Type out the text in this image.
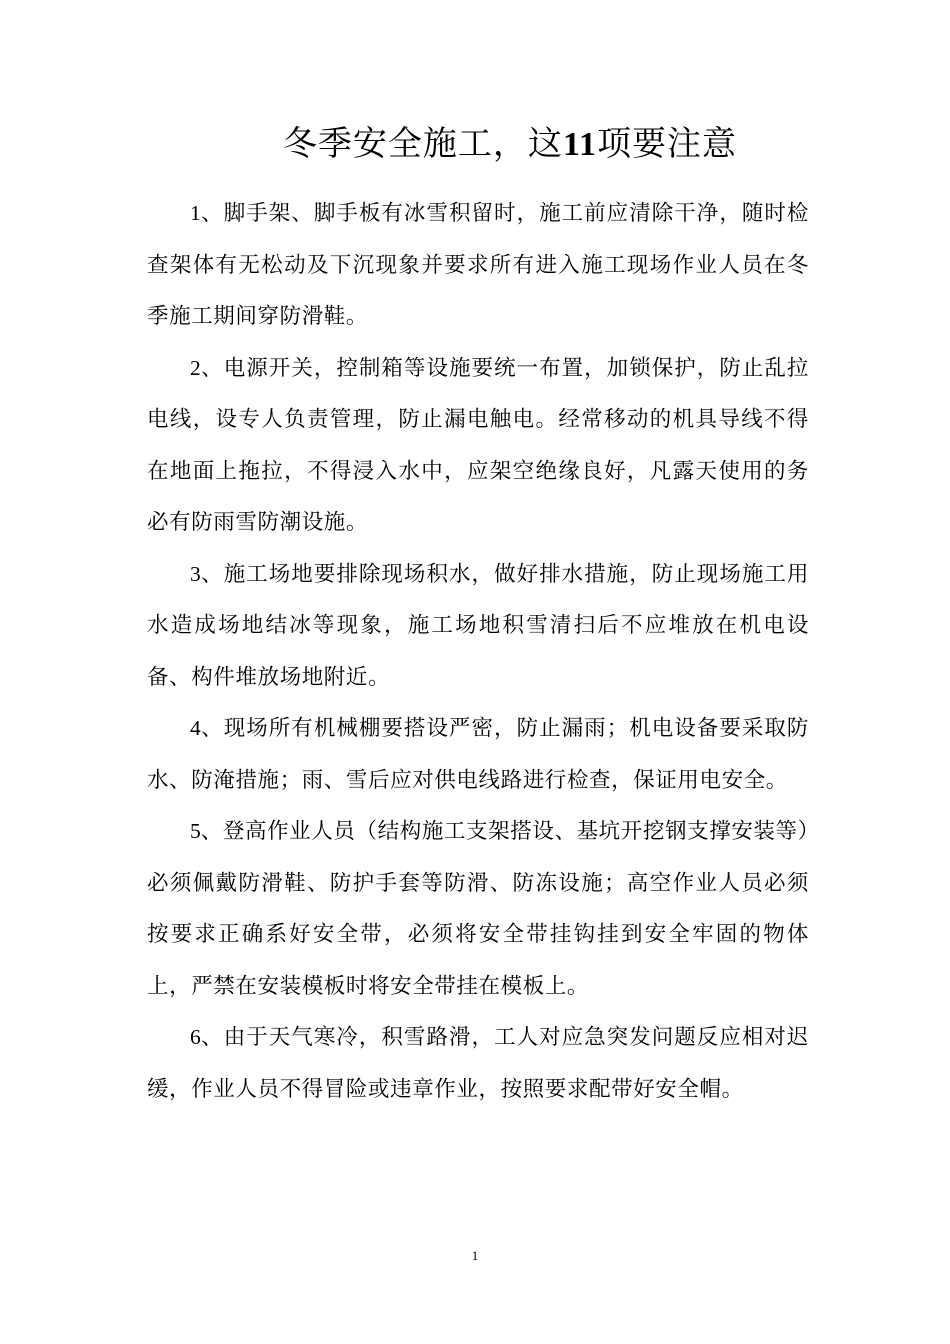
冬季安全施工，这11项要注意

1、脚手架、脚手板有冰雪积留时，施工前应清除干净，随时检查架体有无松动及下沉现象并要求所有进入施工现场作业人员在冬季施工期间穿防滑鞋。

2、电源开关，控制箱等设施要统一布置，加锁保护，防止乱拉电线，设专人负责管理，防止漏电触电。经常移动的机具导线不得在地面上拖拉，不得浸入水中，应架空绝缘良好，凡露天使用的务必有防雨雪防潮设施。

3、施工场地要排除现场积水，做好排水措施，防止现场施工用水造成场地结冰等现象，施工场地积雪清扫后不应堆放在机电设备、构件堆放场地附近。

4、现场所有机械棚要搭设严密，防止漏雨；机电设备要采取防水、防淹措施；雨、雪后应对供电线路进行检查，保证用电安全。

5、登高作业人员（结构施工支架搭设、基坑开挖钢支撑安装等）必须佩戴防滑鞋、防护手套等防滑、防冻设施；高空作业人员必须按要求正确系好安全带，必须将安全带挂钩挂到安全牢固的物体上，严禁在安装模板时将安全带挂在模板上。

6、由于天气寒冷，积雪路滑，工人对应急突发问题反应相对迟缓，作业人员不得冒险或违章作业，按照要求配带好安全帽。

1
